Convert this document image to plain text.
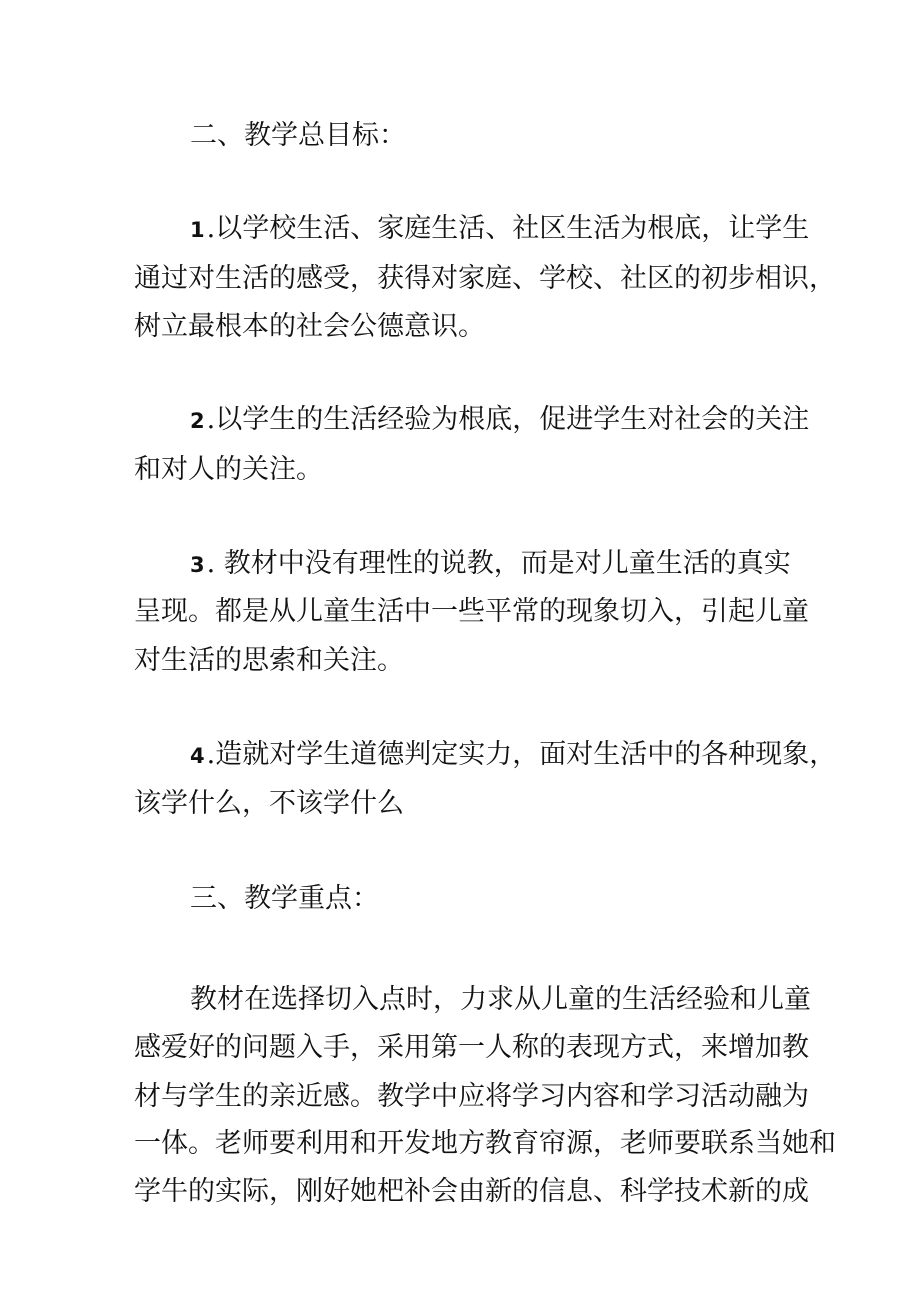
二、教学总目标：

1.以学校生活、家庭生活、社区生活为根底，让学生

通过对生活的感受，获得对家庭、学校、社区的初步相识，

树立最根本的社会公德意识。

2.以学生的生活经验为根底，促进学生对社会的关注

和对人的关注。

3. 教材中没有理性的说教，而是对儿童生活的真实

呈现。都是从儿童生活中一些平常的现象切入，引起儿童

对生活的思索和关注。

4.造就对学生道德判定实力，面对生活中的各种现象，

该学什么，不该学什么

三、教学重点：

教材在选择切入点时，力求从儿童的生活经验和儿童

感爱好的问题入手，采用第一人称的表现方式，来增加教

材与学生的亲近感。教学中应将学习内容和学习活动融为

一体。老师要利用和开发地方教育帘源，老师要联系当她和

学牛的实际，刚好她杷补会由新的信息、科学技术新的成
